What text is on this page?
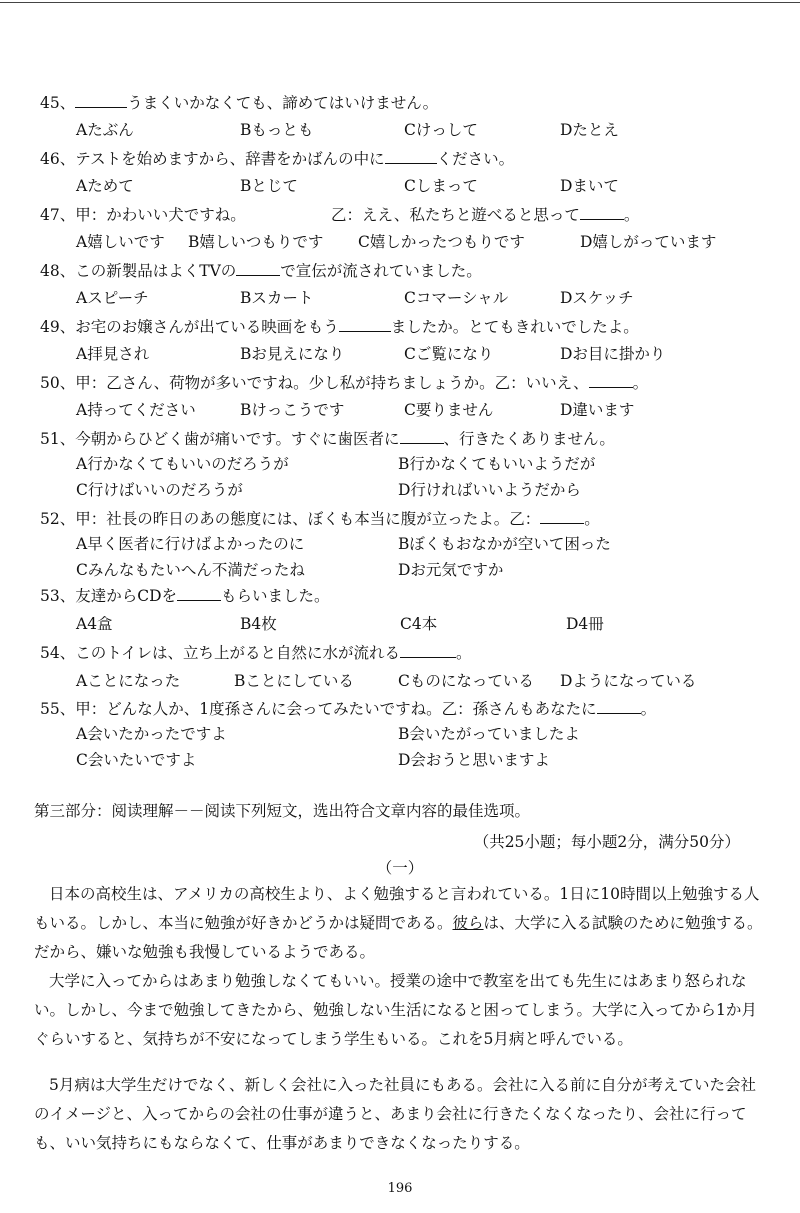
45、	うまくいかなくても、諦めてはいけません。
Aたぶん	Bもっとも	Cけっして	Dたとえ
46、テストを始めますから、辞書をかばんの中に	ください。
Aためて	Bとじて	Cしまって	Dまいて
47、甲：かわいい犬ですね。　　　　　　乙：ええ、私たちと遊べると思って	。
A嬉しいです B嬉しいつもりです C嬉しかったつもりです	D嬉しがっています
48、この新製品はよくTVの	で宣伝が流されていました。
Aスピーチ	Bスカート	Cコマーシャル	Dスケッチ
49、お宅のお嬢さんが出ている映画をもう	ましたか。とてもきれいでしたよ。
A拝見され	Bお見えになり	Cご覧になり	Dお目に掛かり
50、甲：乙さん、荷物が多いですね。少し私が持ちましょうか。乙：いいえ、	。
A持ってください	Bけっこうです	C要りません	D違います
51、今朝からひどく歯が痛いです。すぐに歯医者に	、行きたくありません。
A行かなくてもいいのだろうが	B行かなくてもいいようだが
C行けばいいのだろうが	D行ければいいようだから
52、甲：社長の昨日のあの態度には、ぼくも本当に腹が立ったよ。乙：	。
A早く医者に行けばよかったのに	Bぼくもおなかが空いて困った
Cみんなもたいへん不満だったね	Dお元気ですか
53、友達からCDを	もらいました。
A4盒	B4枚	C4本	D4冊
54、このトイレは、立ち上がると自然に水が流れる	。
Aことになった	Bことにしている	Cものになっている Dようになっている
55、甲：どんな人か、1度孫さんに会ってみたいですね。乙：孫さんもあなたに	。
A会いたかったですよ	B会いたがっていましたよ
C会いたいですよ	D会おうと思いますよ
第三部分：阅读理解－－阅读下列短文，选出符合文章内容的最佳选项。
（共25小题；每小题2分，满分50分）
（一）
日本の高校生は、アメリカの高校生より、よく勉強すると言われている。1日に10時間以上勉強する人もいる。しかし、本当に勉強が好きかどうかは疑問である。彼らは、大学に入る試験のために勉強する。だから、嫌いな勉強も我慢しているようである。
大学に入ってからはあまり勉強しなくてもいい。授業の途中で教室を出ても先生にはあまり怒られない。しかし、今まで勉強してきたから、勉強しない生活になると困ってしまう。大学に入ってから1か月ぐらいすると、気持ちが不安になってしまう学生もいる。これを5月病と呼んでいる。
5月病は大学生だけでなく、新しく会社に入った社員にもある。会社に入る前に自分が考えていた会社のイメージと、入ってからの会社の仕事が違うと、あまり会社に行きたくなくなったり、会社に行っても、いい気持ちにもならなくて、仕事があまりできなくなったりする。
196
